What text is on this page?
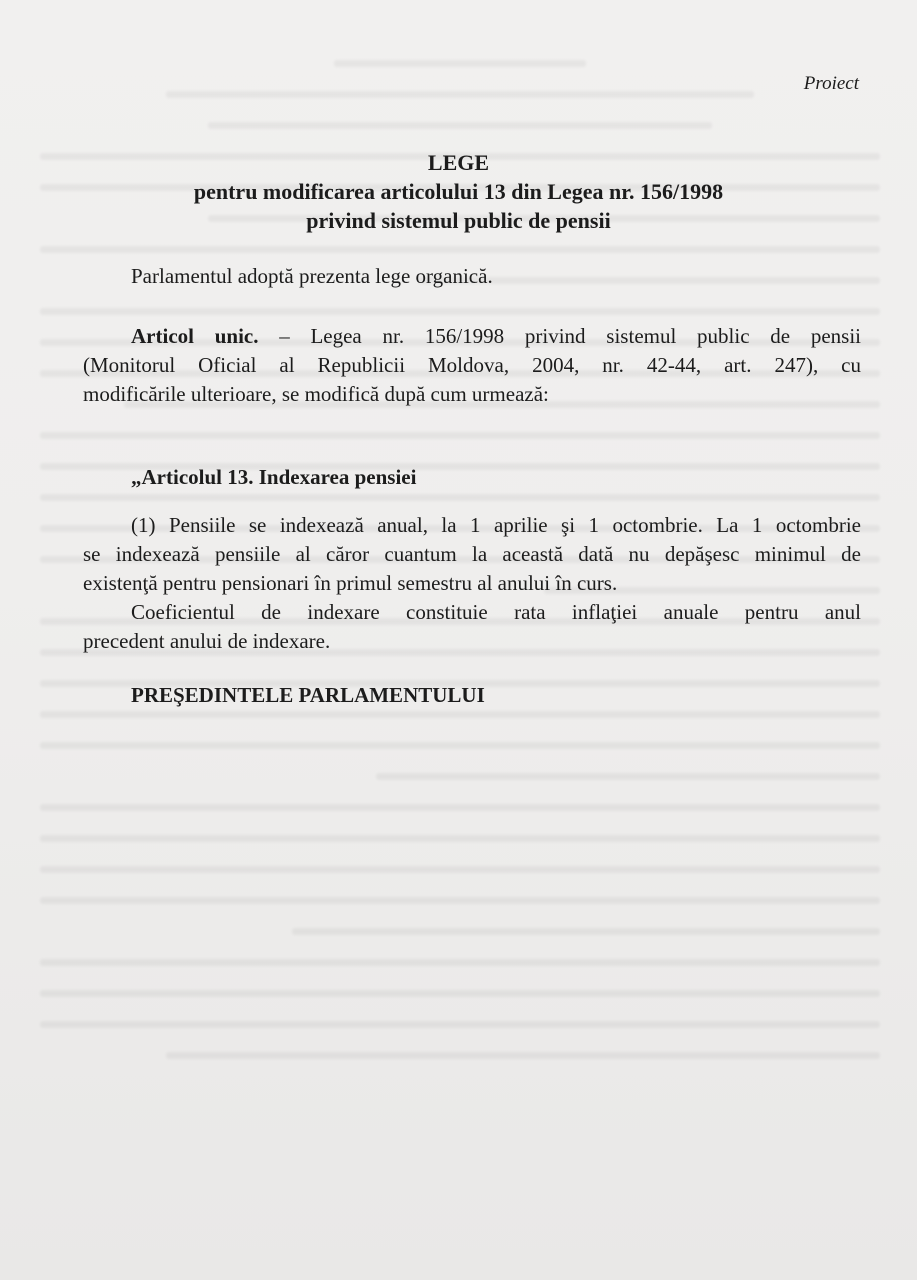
Proiect
LEGE
pentru modificarea articolului 13 din Legea nr. 156/1998
privind sistemul public de pensii
Parlamentul adoptă prezenta lege organică.
Articol unic. – Legea nr. 156/1998 privind sistemul public de pensii
(Monitorul Oficial al Republicii Moldova, 2004, nr. 42-44, art. 247), cu
modificările ulterioare, se modifică după cum urmează:
„Articolul 13. Indexarea pensiei
(1) Pensiile se indexează anual, la 1 aprilie şi 1 octombrie. La 1 octombrie
se indexează pensiile al căror cuantum la această dată nu depăşesc minimul de
existenţă pentru pensionari în primul semestru al anului în curs.
Coeficientul de indexare constituie rata inflaţiei anuale pentru anul
precedent anului de indexare.
PREŞEDINTELE PARLAMENTULUI
